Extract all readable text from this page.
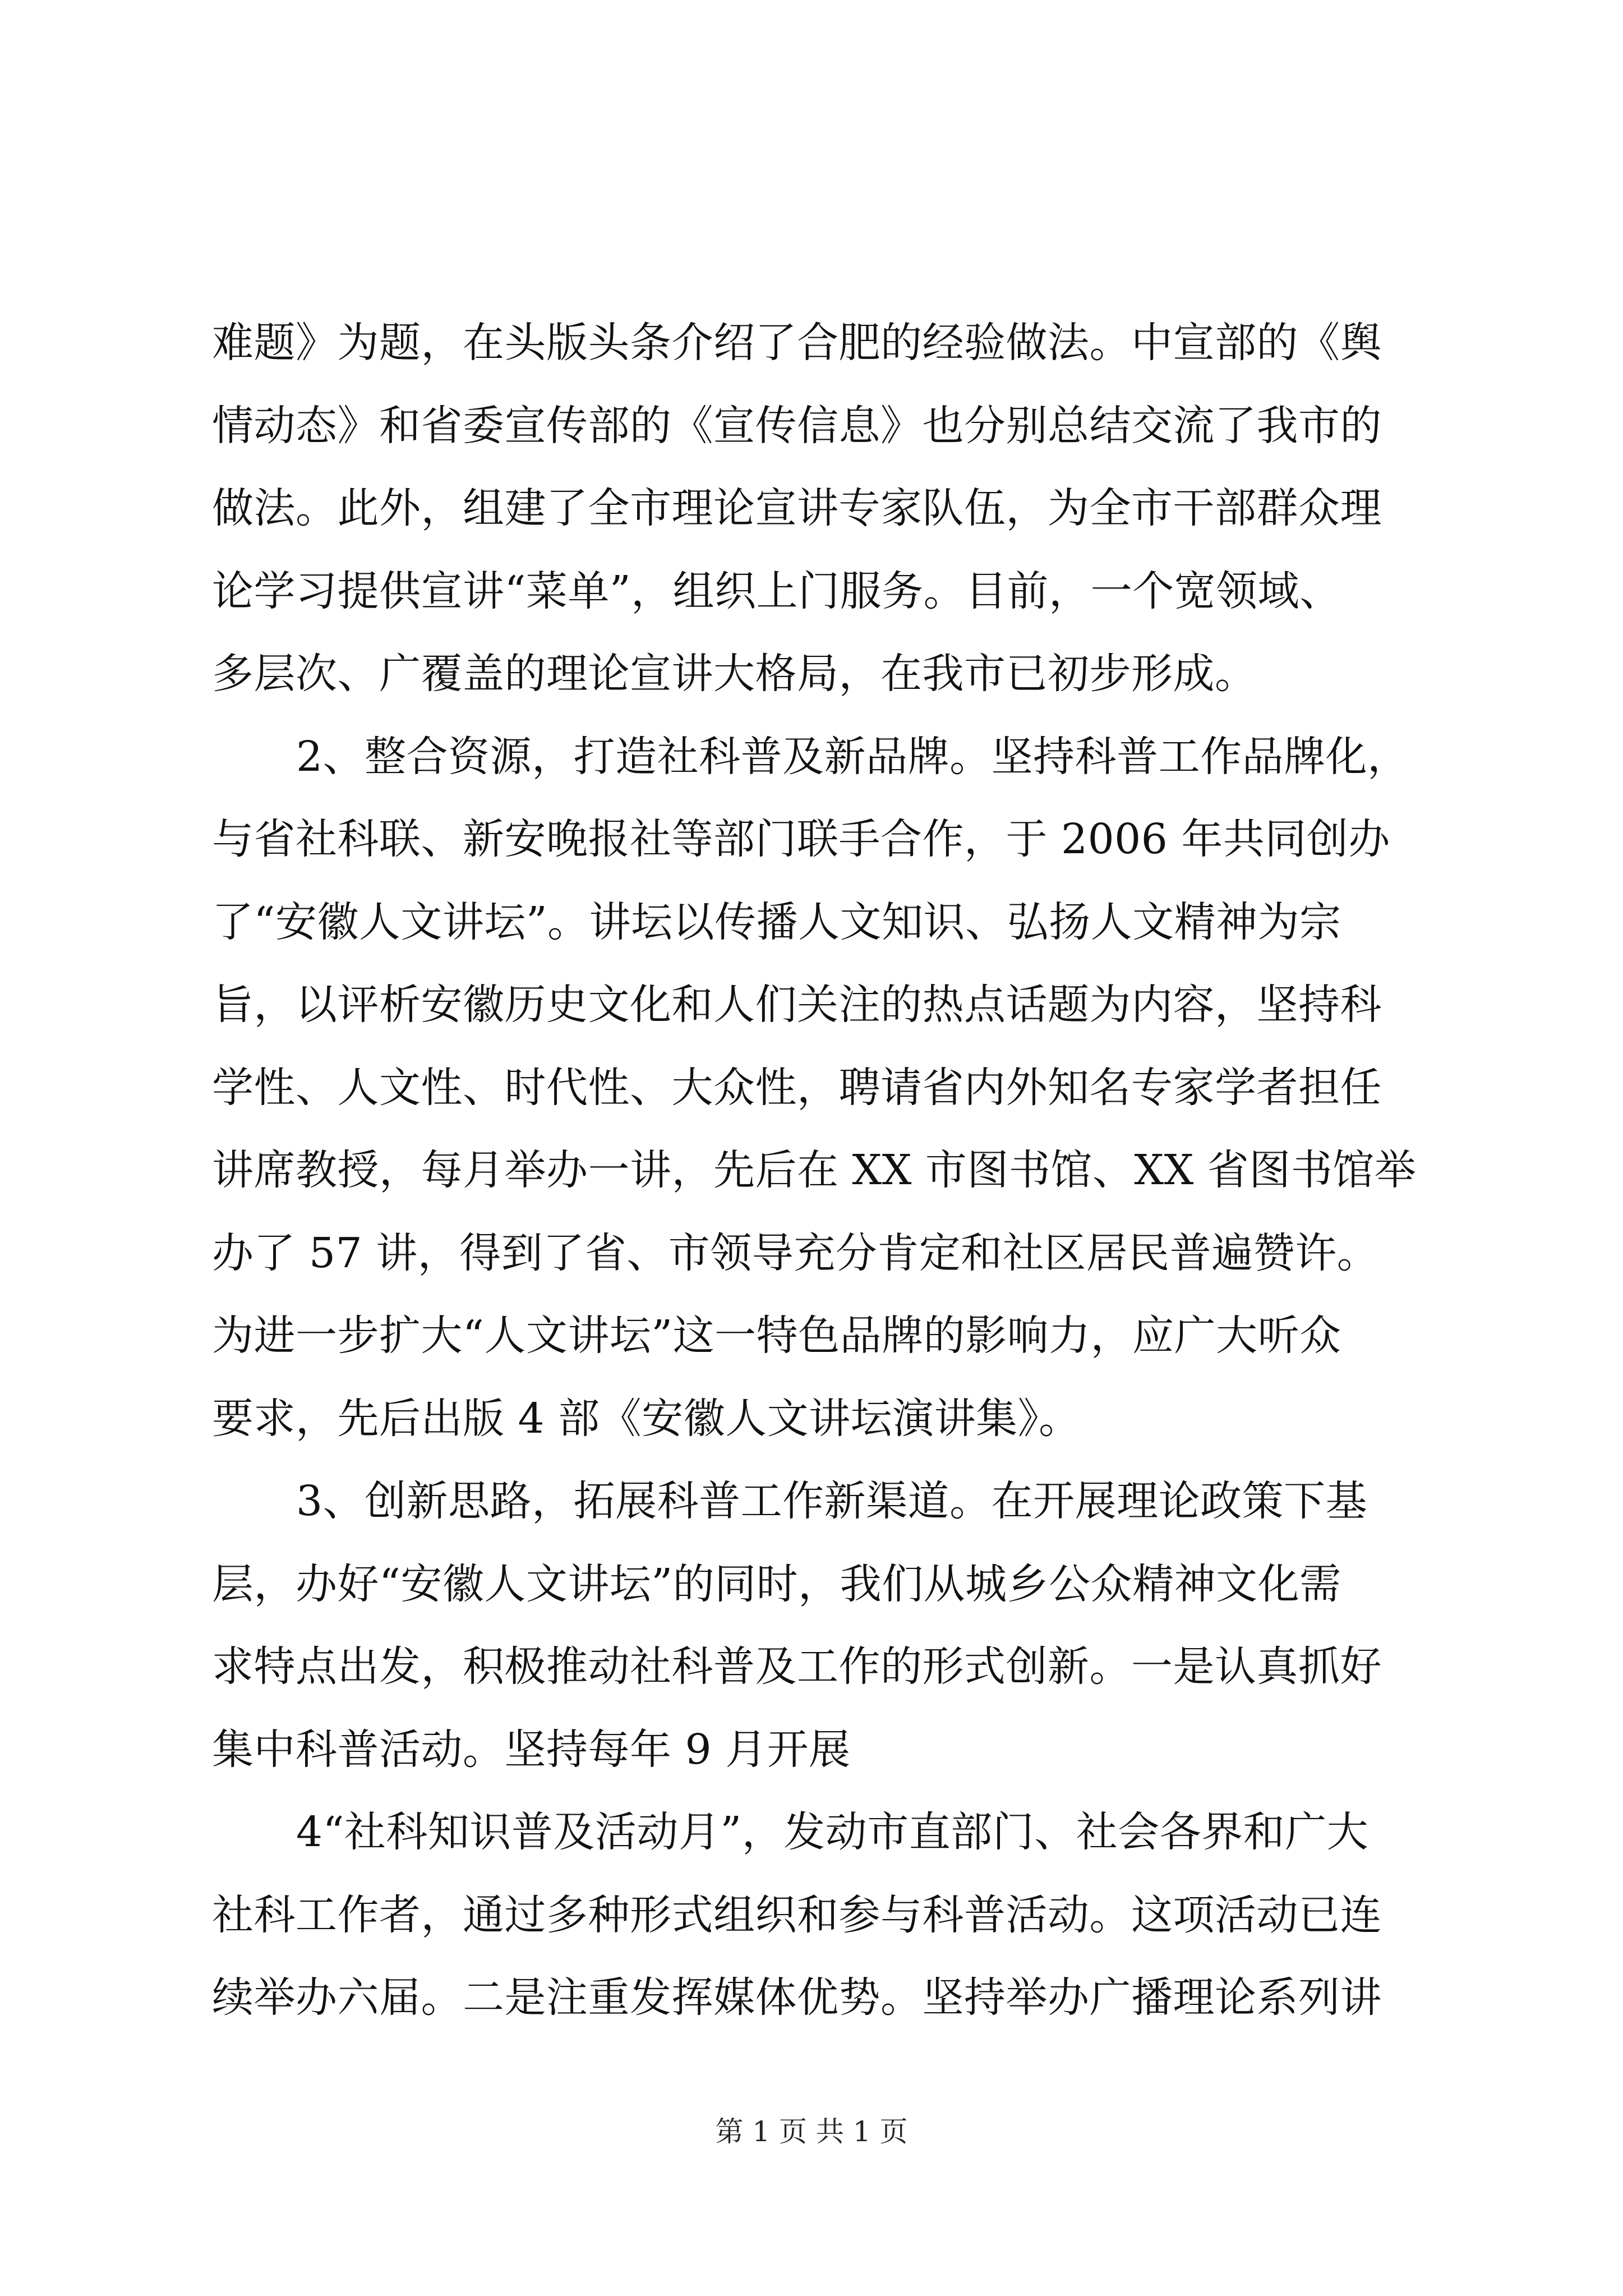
难题》为题，在头版头条介绍了合肥的经验做法。中宣部的《舆
情动态》和省委宣传部的《宣传信息》也分别总结交流了我市的
做法。此外，组建了全市理论宣讲专家队伍，为全市干部群众理
论学习提供宣讲“菜单”，组织上门服务。目前，一个宽领域、
多层次、广覆盖的理论宣讲大格局，在我市已初步形成。
2、整合资源，打造社科普及新品牌。坚持科普工作品牌化，
与省社科联、新安晚报社等部门联手合作，于 2006 年共同创办
了“安徽人文讲坛”。讲坛以传播人文知识、弘扬人文精神为宗
旨，以评析安徽历史文化和人们关注的热点话题为内容，坚持科
学性、人文性、时代性、大众性，聘请省内外知名专家学者担任
讲席教授，每月举办一讲，先后在 XX 市图书馆、XX 省图书馆举
办了 57 讲，得到了省、市领导充分肯定和社区居民普遍赞许。
为进一步扩大“人文讲坛”这一特色品牌的影响力，应广大听众
要求，先后出版 4 部《安徽人文讲坛演讲集》。
3、创新思路，拓展科普工作新渠道。在开展理论政策下基
层，办好“安徽人文讲坛”的同时，我们从城乡公众精神文化需
求特点出发，积极推动社科普及工作的形式创新。一是认真抓好
集中科普活动。坚持每年 9 月开展
4“社科知识普及活动月”，发动市直部门、社会各界和广大
社科工作者，通过多种形式组织和参与科普活动。这项活动已连
续举办六届。二是注重发挥媒体优势。坚持举办广播理论系列讲
第 1 页 共 1 页
